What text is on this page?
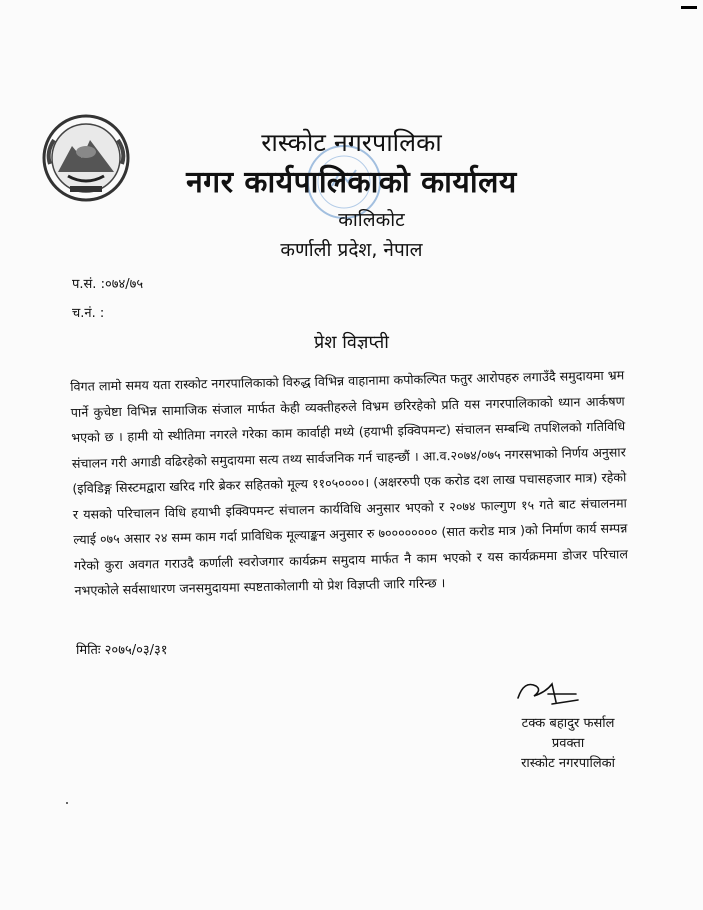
रास्कोट नगरपालिका
नगर कार्यपालिकाको कार्यालय
कालिकोट
कर्णाली प्रदेश, नेपाल
प.सं. :०७४/७५
च.नं. :
प्रेश विज्ञप्ती
विगत लामो समय यता रास्कोट नगरपालिकाको विरुद्ध विभिन्न वाहानामा कपोकल्पित फतुर आरोपहरु लगाउँदै समुदायमा भ्रम पार्ने कुचेष्टा विभिन्न सामाजिक संजाल मार्फत केही व्यक्तीहरुले विभ्रम छरिरहेको प्रति यस नगरपालिकाको ध्यान आर्कषण भएको छ । हामी यो स्थीतिमा नगरले गरेका काम कार्वाही मध्ये (हयाभी इक्विपमन्ट) संचालन सम्बन्धि तपशिलको गतिविधि संचालन गरी अगाडी वढिरहेको समुदायमा सत्य तथ्य सार्वजनिक गर्न चाहन्छौं । आ.व.२०७४/०७५ नगरसभाको निर्णय अनुसार (इविडिङ्ग सिस्टमद्वारा खरिद गरि ब्रेकर सहितको मूल्य ११०५००००। (अक्षररुपी एक करोड दश लाख पचासहजार मात्र) रहेको र यसको परिचालन विधि हयाभी इक्विपमन्ट संचालन कार्यविधि अनुसार भएको र २०७४ फाल्गुण १५ गते बाट संचालनमा ल्याई ०७५ असार २४ सम्म काम गर्दा प्राविधिक मूल्याङ्कन अनुसार रु ७०००००००० (सात करोड मात्र )को निर्माण कार्य सम्पन्न गरेको कुरा अवगत गराउदै कर्णाली स्वरोजगार कार्यक्रम समुदाय मार्फत नै काम भएको र यस कार्यक्रममा डोजर परिचाल नभएकोले सर्वसाधारण जनसमुदायमा स्पष्टताकोलागी यो प्रेश विज्ञप्ती जारि गरिन्छ ।
मितिः २०७५/०३/३१
टक्क बहादुर फर्साल
प्रवक्ता
रास्कोट नगरपालिकां
